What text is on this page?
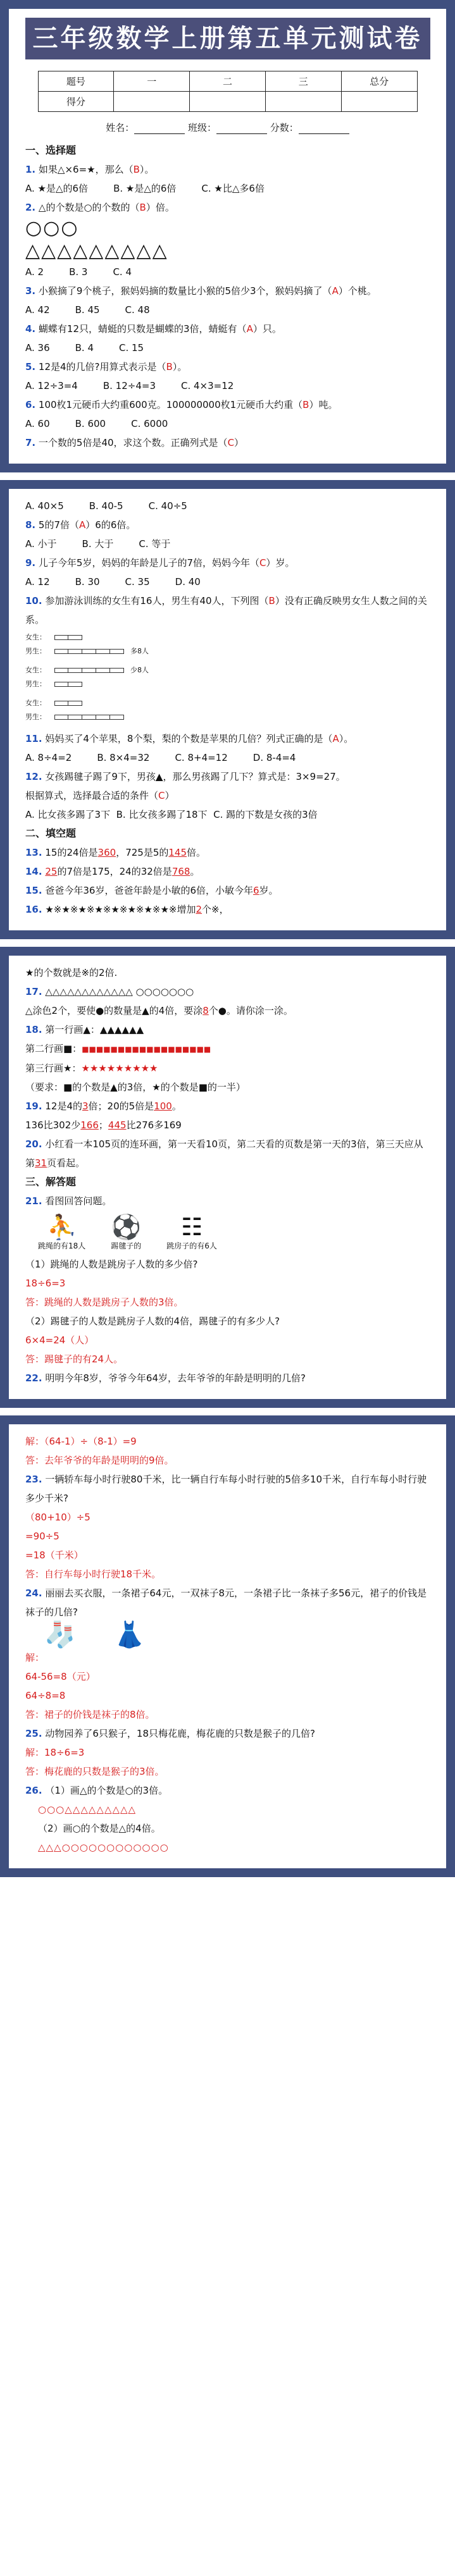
三年级数学上册第五单元测试卷
题号	一	二	三	总分
得分				
姓名：	班级：	分数：
一、选择题
1. 如果△×6=★，那么（B）。
A. ★是△的6倍	B. ★是△的6倍	C. ★比△多6倍
2. △的个数是○的个数的（B）倍。
○○○
△△△△△△△△△
A. 2	B. 3	C. 4
3. 小猴摘了9个桃子，猴妈妈摘的数量比小猴的5倍少3个，猴妈妈摘了（A）个桃。
A. 42	B. 45	C. 48
4. 蝴蝶有12只，蜻蜓的只数是蝴蝶的3倍，蜻蜓有（A）只。
A. 36	B. 4	C. 15
5. 12是4的几倍?用算式表示是（B）。
A. 12÷3=4	B. 12÷4=3	C. 4×3=12
6. 100枚1元硬币大约重600克。100000000枚1元硬币大约重（B）吨。
A. 60	B. 600	C. 6000
7. 一个数的5倍是40，求这个数。正确列式是（C）
A. 40×5	B. 40-5	C. 40÷5
8. 5的7倍（A）6的6倍。
A. 小于	B. 大于	C. 等于
9. 儿子今年5岁，妈妈的年龄是儿子的7倍，妈妈今年（C）岁。
A. 12	B. 30	C. 35	D. 40
10. 参加游泳训练的女生有16人，男生有40人，下列图（B）没有正确反映男女生人数之间的关系。
女生：
男生：	多8人
女生：	少8人
男生：
女生：
男生：
11. 妈妈买了4个苹果，8个梨，梨的个数是苹果的几倍？列式正确的是（A）。
A. 8÷4=2	B. 8×4=32	C. 8+4=12	D. 8-4=4
12. 女孩踢毽子踢了9下，男孩▲，那么男孩踢了几下？算式是：3×9=27。
根据算式，选择最合适的条件（C）
A. 比女孩多踢了3下 B. 比女孩多踢了18下 C. 踢的下数是女孩的3倍
二、填空题
13. 15的24倍是360，725是5的145倍。
14. 25的7倍是175，24的32倍是768。
15. 爸爸今年36岁，爸爸年龄是小敏的6倍，小敏今年6岁。
16. ★※★※★※★※★※★※★※★※增加2个※，
★的个数就是※的2倍.
17. △△△△△△△△△△△△ ○○○○○○○
△涂色2个，要使●的数量是▲的4倍，要涂8个●。请你涂一涂。
18. 第一行画▲：▲▲▲▲▲▲
第二行画■：■■■■■■■■■■■■■■■■■■
第三行画★：★★★★★★★★★
（要求：■的个数是▲的3倍，★的个数是■的一半）
19. 12是4的3倍；20的5倍是100。
136比302少166；445比276多169
20. 小红看一本105页的连环画，第一天看10页，第二天看的页数是第一天的3倍，第三天应从第31页看起。
三、解答题
21. 看图回答问题。
⛹
跳绳的有18人
⚽
踢毽子的
☷
跳房子的有6人
（1）跳绳的人数是跳房子人数的多少倍?
18÷6=3
答：跳绳的人数是跳房子人数的3倍。
（2）踢毽子的人数是跳房子人数的4倍，踢毽子的有多少人?
6×4=24（人）
答：踢毽子的有24人。
22. 明明今年8岁，爷爷今年64岁，去年爷爷的年龄是明明的几倍?
解：（64-1）÷（8-1）=9
答：去年爷爷的年龄是明明的9倍。
23. 一辆轿车每小时行驶80千米，比一辆自行车每小时行驶的5倍多10千米，自行车每小时行驶多少千米?
（80+10）÷5
=90÷5
=18（千米）
答：自行车每小时行驶18千米。
24. 丽丽去买衣服，一条裙子64元，一双袜子8元，一条裙子比一条袜子多56元，裙子的价钱是袜子的几倍?
🧦 👗
解：
64-56=8（元）
64÷8=8
答：裙子的价钱是袜子的8倍。
25. 动物园养了6只猴子，18只梅花鹿，梅花鹿的只数是猴子的几倍?
解：18÷6=3
答：梅花鹿的只数是猴子的3倍。
26. （1）画△的个数是○的3倍。
○○○△△△△△△△△△
（2）画○的个数是△的4倍。
△△△○○○○○○○○○○○○
